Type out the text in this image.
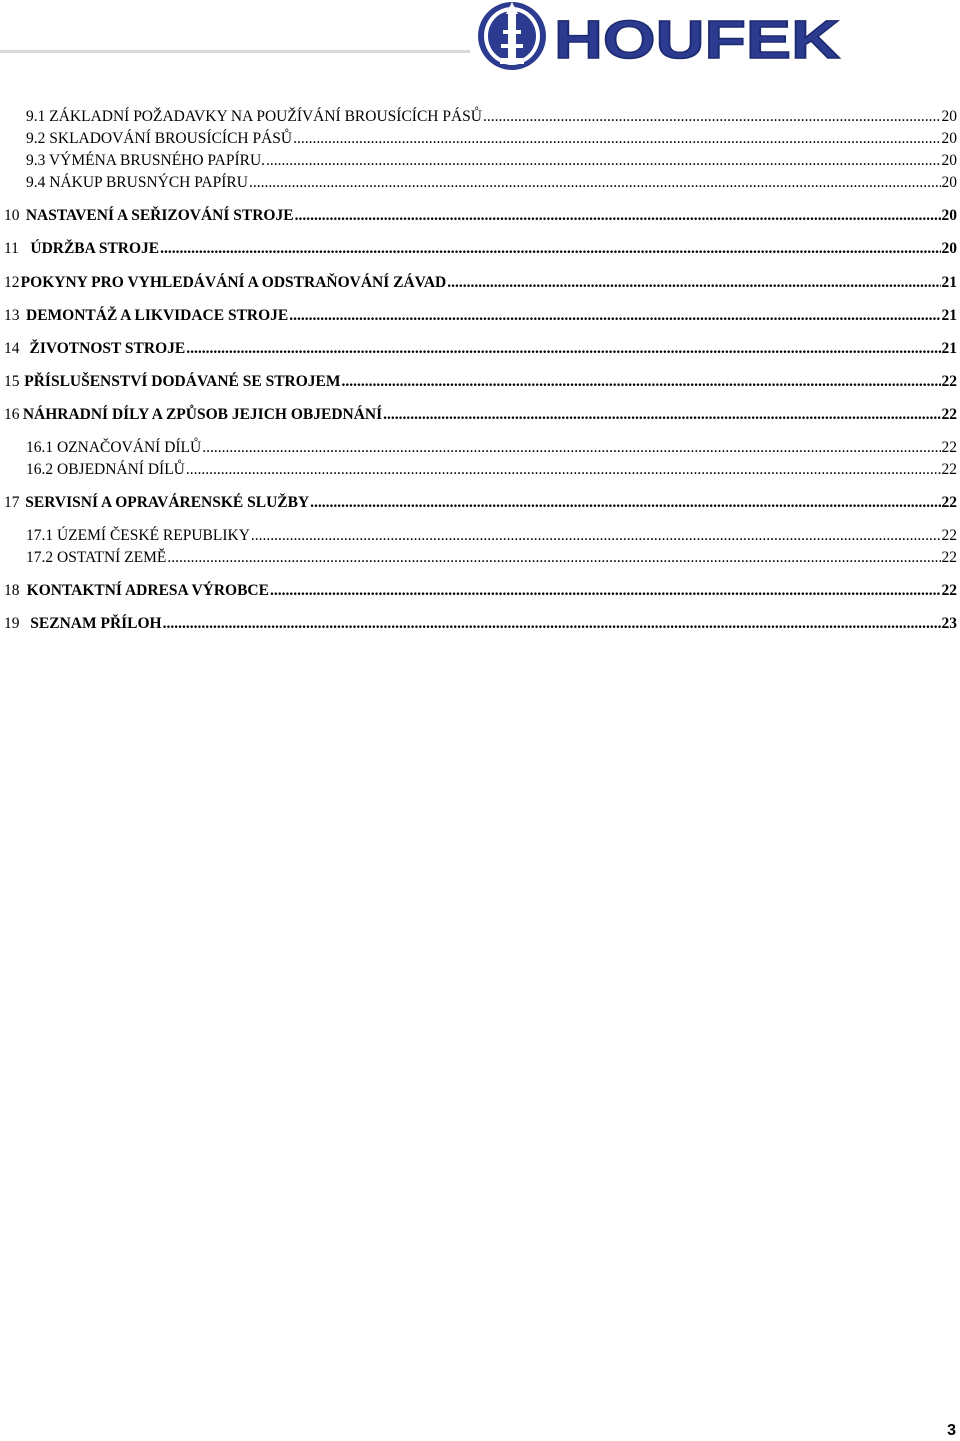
HOUFEK
9.1 ZÁKLADNÍ POŽADAVKY NA POUŽÍVÁNÍ BROUSÍCÍCH PÁSŮ .....	20
9.2 SKLADOVÁNÍ BROUSÍCÍCH PÁSŮ .....	20
9.3 VÝMÉNA BRUSNÉHO PAPÍRU. .....	20
9.4 NÁKUP BRUSNÝCH PAPÍRU .....	20
10 NASTAVENÍ A SEŘIZOVÁNÍ STROJE .....	20
11 ÚDRŽBA STROJE .....	20
12 POKYNY PRO VYHLEDÁVÁNÍ A ODSTRAŇOVÁNÍ ZÁVAD .....	21
13 DEMONTÁŽ A LIKVIDACE STROJE .....	21
14 ŽIVOTNOST STROJE .....	21
15 PŘÍSLUŠENSTVÍ DODÁVANÉ SE STROJEM .....	22
16 NÁHRADNÍ DÍLY A ZPŮSOB JEJICH OBJEDNÁNÍ .....	22
16.1 OZNAČOVÁNÍ DÍLŮ .....	22
16.2 OBJEDNÁNÍ DÍLŮ .....	22
17 SERVISNÍ A OPRAVÁRENSKÉ SLUŽBY .....	22
17.1 ÚZEMÍ ČESKÉ REPUBLIKY .....	22
17.2 OSTATNÍ ZEMĚ .....	22
18 KONTAKTNÍ ADRESA VÝROBCE .....	22
19 SEZNAM PŘÍLOH .....	23
3
